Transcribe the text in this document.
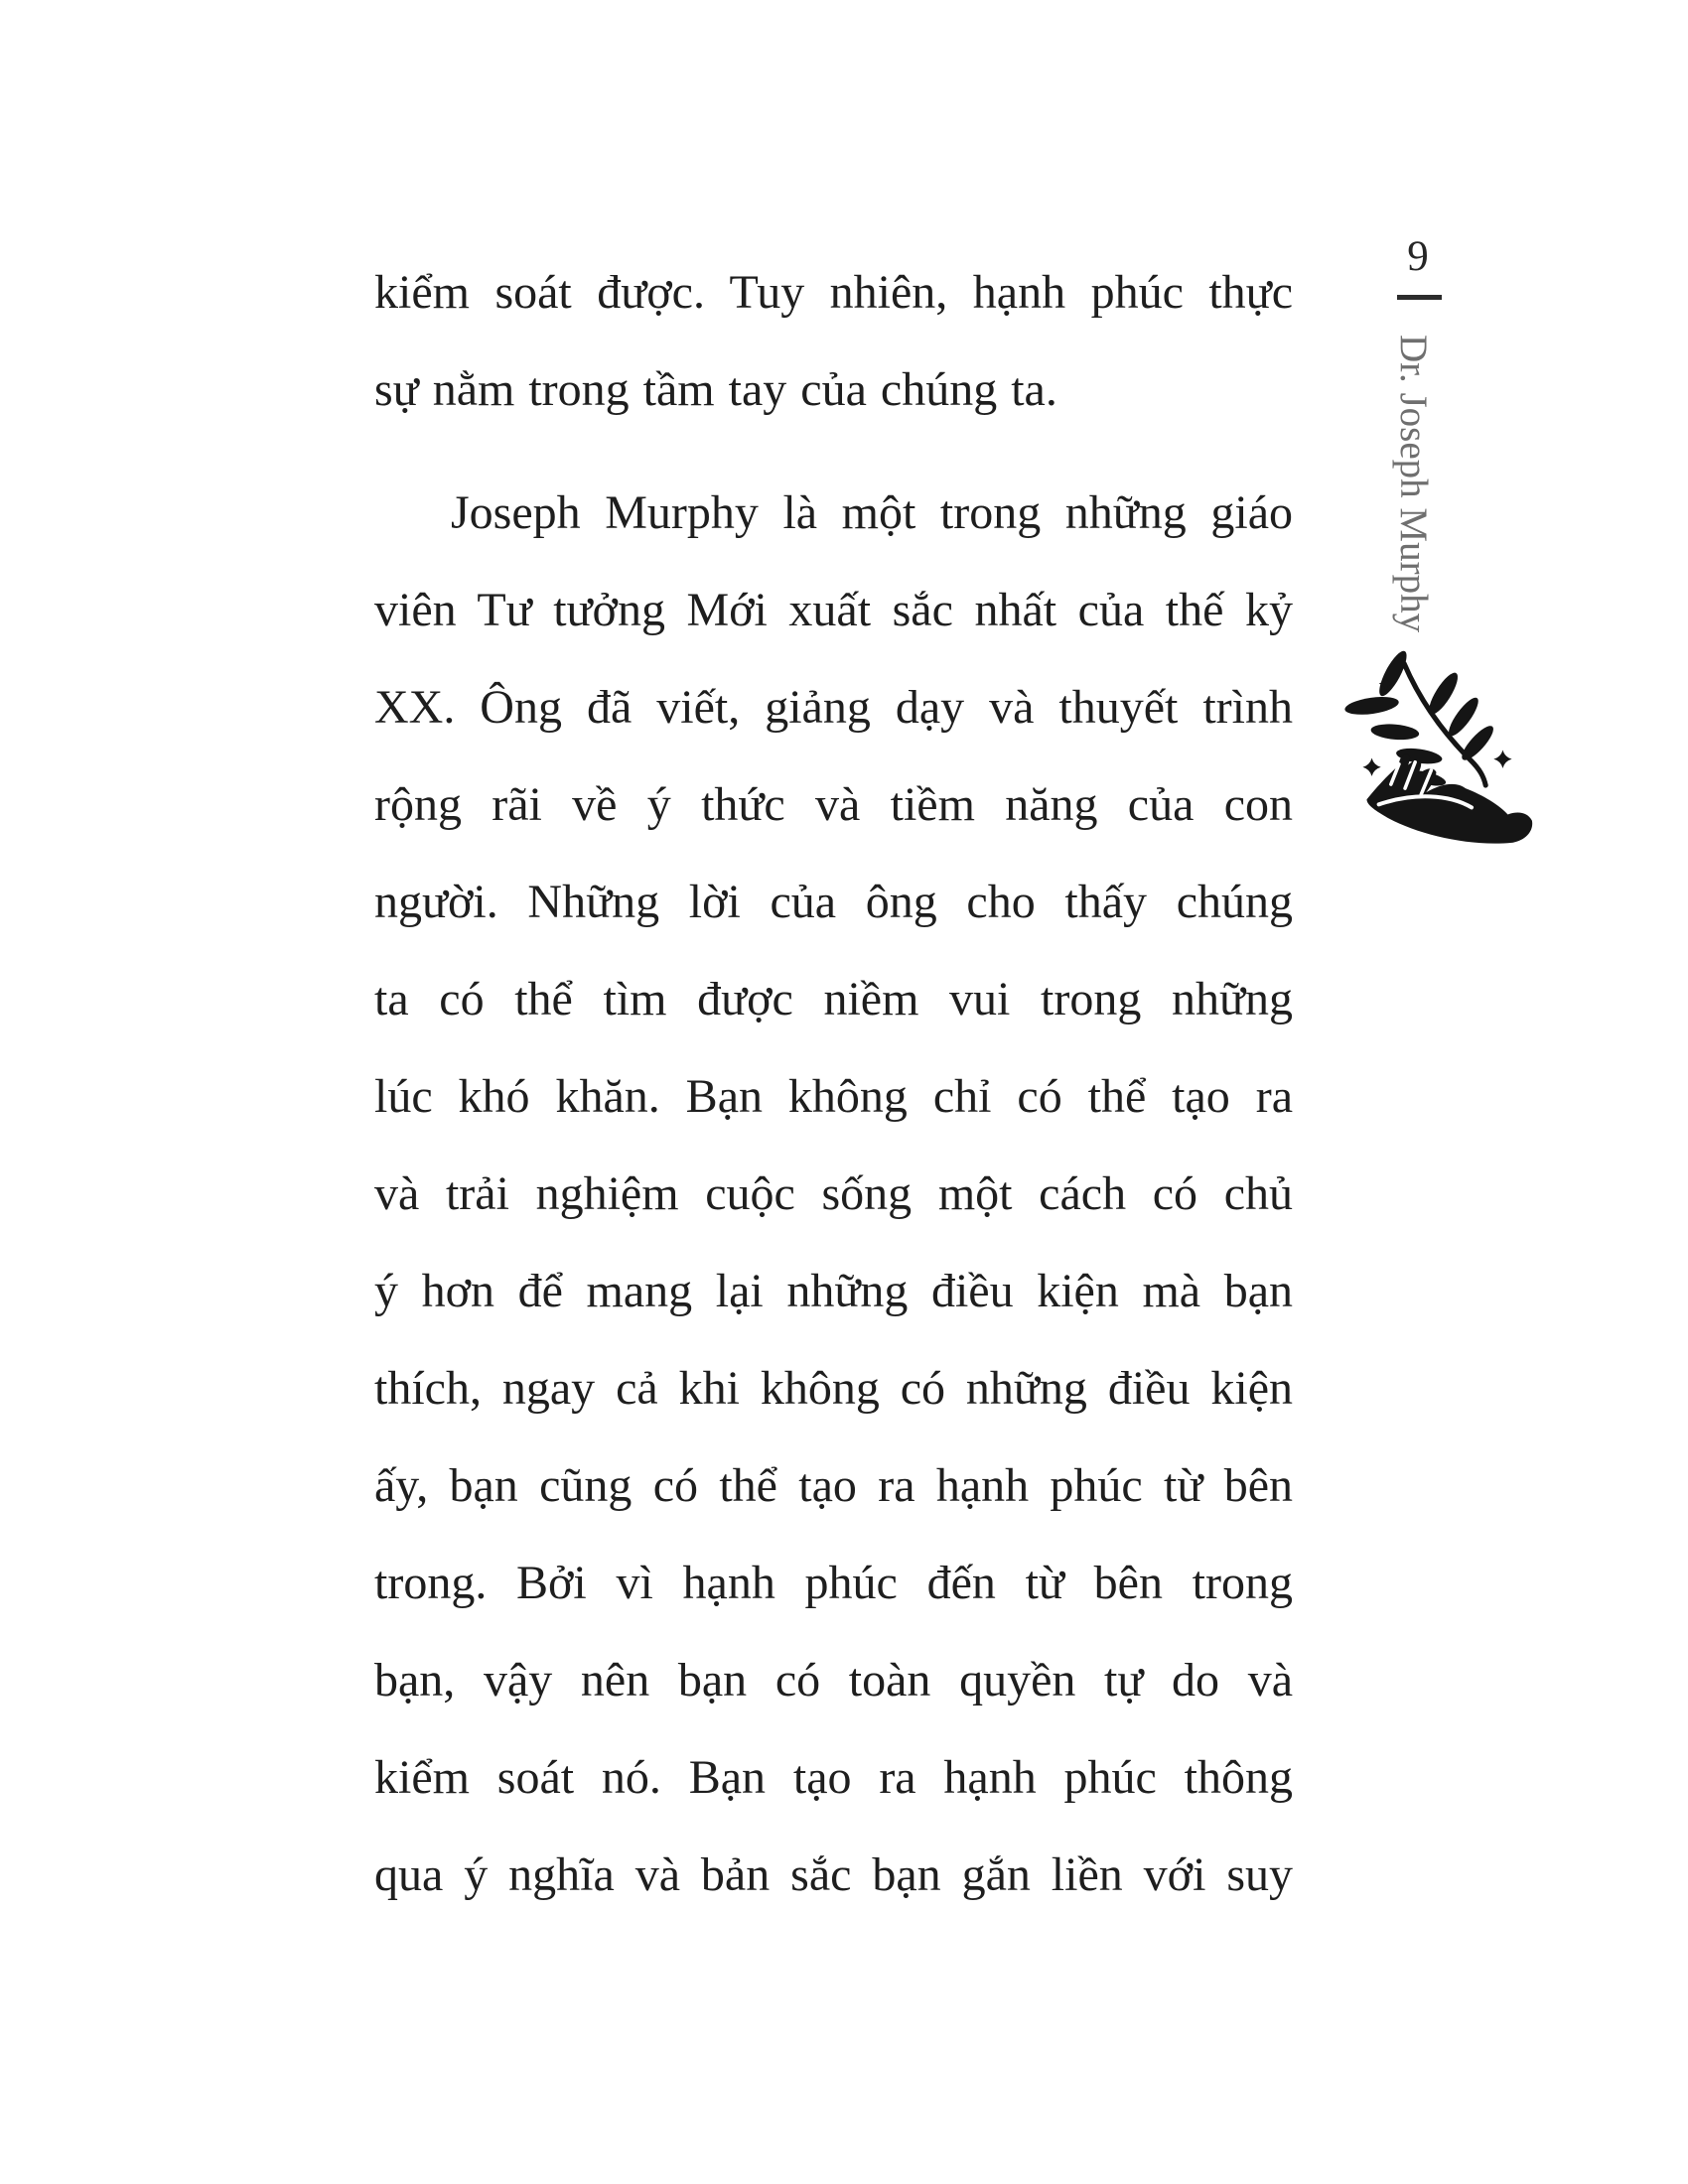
kiểm soát được. Tuy nhiên, hạnh phúc thực

sự nằm trong tầm tay của chúng ta.

Joseph Murphy là một trong những giáo

viên Tư tưởng Mới xuất sắc nhất của thế kỷ

XX. Ông đã viết, giảng dạy và thuyết trình

rộng rãi về ý thức và tiềm năng của con

người. Những lời của ông cho thấy chúng

ta có thể tìm được niềm vui trong những

lúc khó khăn. Bạn không chỉ có thể tạo ra

và trải nghiệm cuộc sống một cách có chủ

ý hơn để mang lại những điều kiện mà bạn

thích, ngay cả khi không có những điều kiện

ấy, bạn cũng có thể tạo ra hạnh phúc từ bên

trong. Bởi vì hạnh phúc đến từ bên trong

bạn, vậy nên bạn có toàn quyền tự do và

kiểm soát nó. Bạn tạo ra hạnh phúc thông

qua ý nghĩa và bản sắc bạn gắn liền với suy

9
Dr. Joseph Murphy
